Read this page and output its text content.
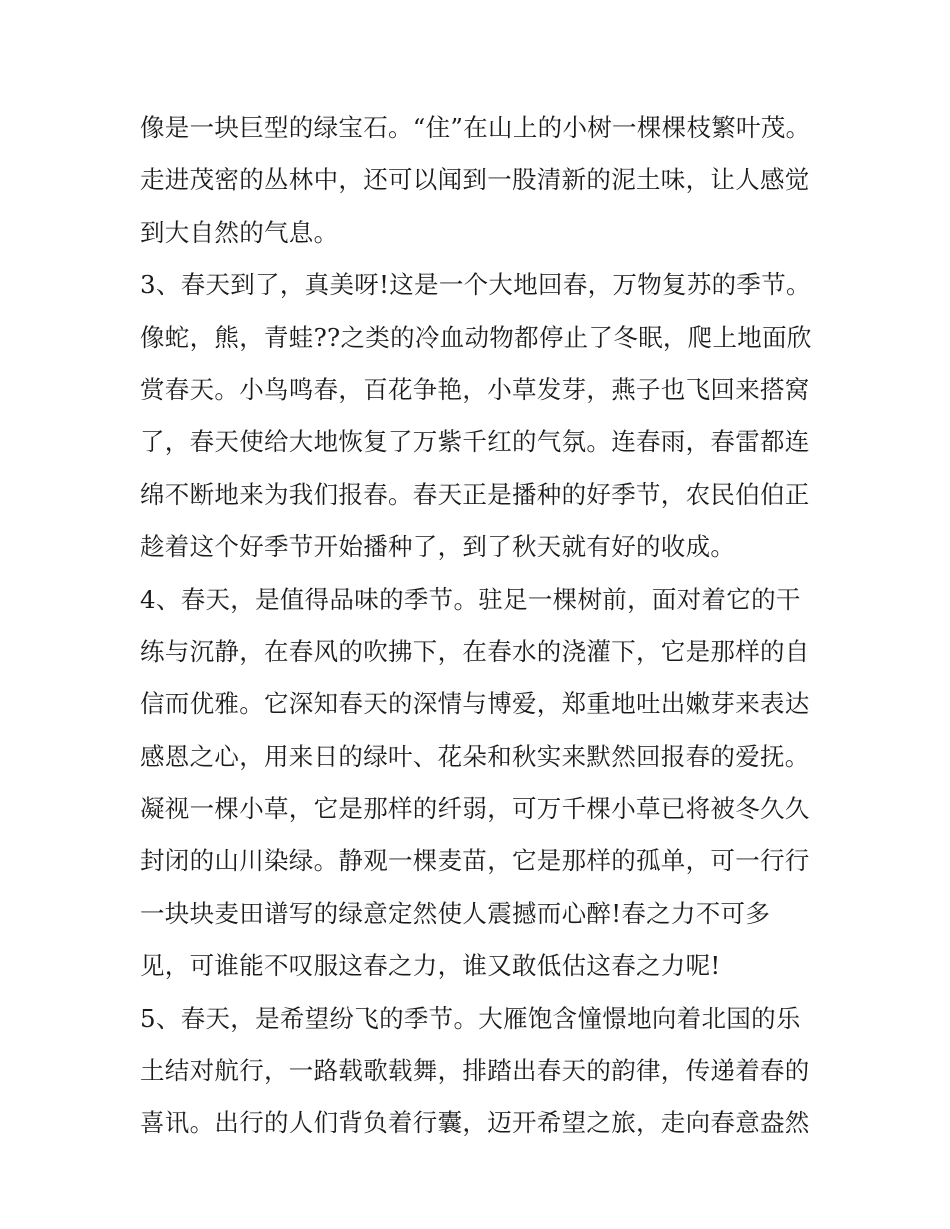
像是一块巨型的绿宝石。“住”在山上的小树一棵棵枝繁叶茂。
走进茂密的丛林中，还可以闻到一股清新的泥土味，让人感觉
到大自然的气息。
3、春天到了，真美呀!这是一个大地回春，万物复苏的季节。
像蛇，熊，青蛙??之类的冷血动物都停止了冬眠，爬上地面欣
赏春天。小鸟鸣春，百花争艳，小草发芽，燕子也飞回来搭窝
了，春天使给大地恢复了万紫千红的气氛。连春雨，春雷都连
绵不断地来为我们报春。春天正是播种的好季节，农民伯伯正
趁着这个好季节开始播种了，到了秋天就有好的收成。
4、春天，是值得品味的季节。驻足一棵树前，面对着它的干
练与沉静，在春风的吹拂下，在春水的浇灌下，它是那样的自
信而优雅。它深知春天的深情与博爱，郑重地吐出嫩芽来表达
感恩之心，用来日的绿叶、花朵和秋实来默然回报春的爱抚。
凝视一棵小草，它是那样的纤弱，可万千棵小草已将被冬久久
封闭的山川染绿。静观一棵麦苗，它是那样的孤单，可一行行
一块块麦田谱写的绿意定然使人震撼而心醉!春之力不可多
见，可谁能不叹服这春之力，谁又敢低估这春之力呢!
5、春天，是希望纷飞的季节。大雁饱含憧憬地向着北国的乐
土结对航行，一路载歌载舞，排踏出春天的韵律，传递着春的
喜讯。出行的人们背负着行囊，迈开希望之旅，走向春意盎然
